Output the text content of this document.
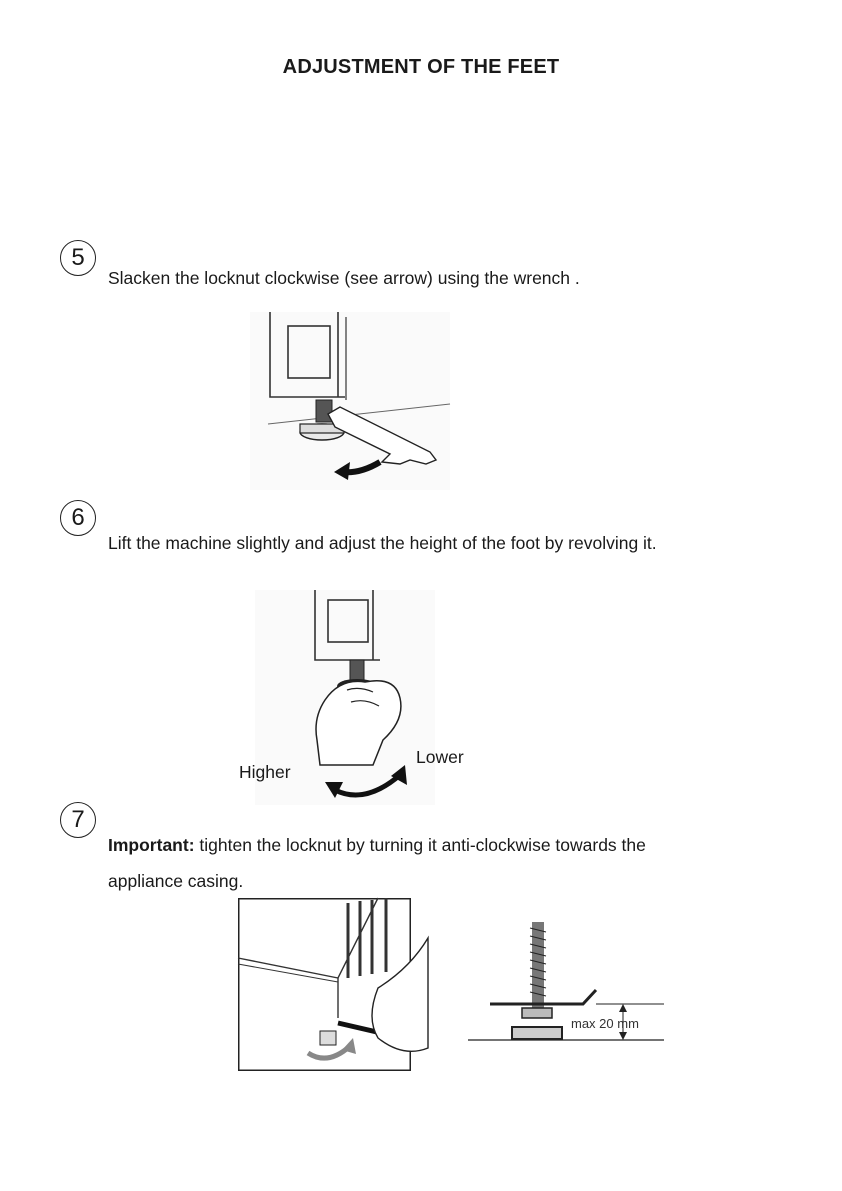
ADJUSTMENT OF THE FEET
5
Slacken the locknut clockwise (see arrow) using the wrench .
6
Lift the machine slightly and adjust the height of the foot by revolving it.
Higher
Lower
7
Important: tighten the locknut by turning it anti-clockwise towards the
appliance casing.
max 20 mm
